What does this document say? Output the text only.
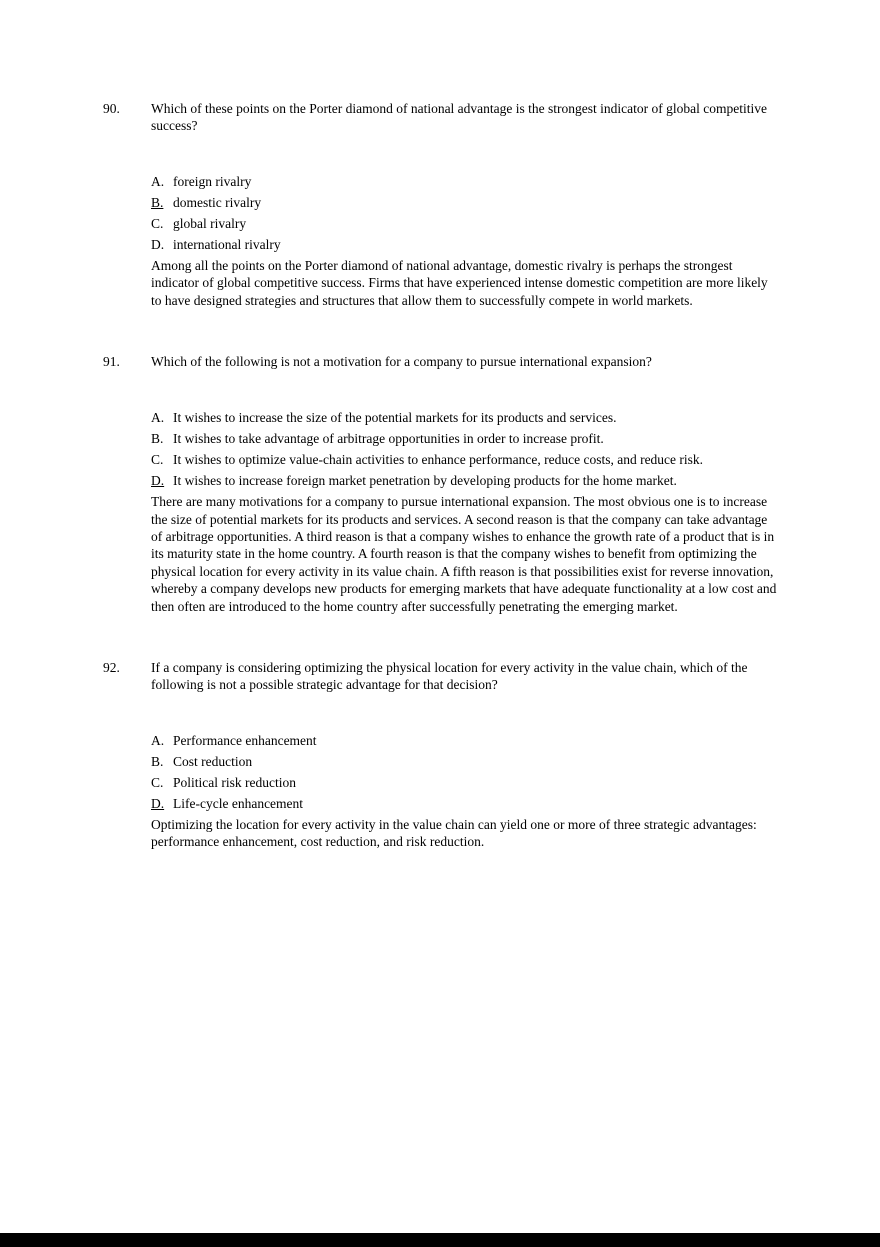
90.	Which of these points on the Porter diamond of national advantage is the strongest indicator of global competitive success?
A. foreign rivalry
B. domestic rivalry
C. global rivalry
D. international rivalry
Among all the points on the Porter diamond of national advantage, domestic rivalry is perhaps the strongest indicator of global competitive success. Firms that have experienced intense domestic competition are more likely to have designed strategies and structures that allow them to successfully compete in world markets.
91.	Which of the following is not a motivation for a company to pursue international expansion?
A. It wishes to increase the size of the potential markets for its products and services.
B. It wishes to take advantage of arbitrage opportunities in order to increase profit.
C. It wishes to optimize value-chain activities to enhance performance, reduce costs, and reduce risk.
D. It wishes to increase foreign market penetration by developing products for the home market.
There are many motivations for a company to pursue international expansion. The most obvious one is to increase the size of potential markets for its products and services. A second reason is that the company can take advantage of arbitrage opportunities. A third reason is that a company wishes to enhance the growth rate of a product that is in its maturity state in the home country. A fourth reason is that the company wishes to benefit from optimizing the physical location for every activity in its value chain. A fifth reason is that possibilities exist for reverse innovation, whereby a company develops new products for emerging markets that have adequate functionality at a low cost and then often are introduced to the home country after successfully penetrating the emerging market.
92.	If a company is considering optimizing the physical location for every activity in the value chain, which of the following is not a possible strategic advantage for that decision?
A. Performance enhancement
B. Cost reduction
C. Political risk reduction
D. Life-cycle enhancement
Optimizing the location for every activity in the value chain can yield one or more of three strategic advantages: performance enhancement, cost reduction, and risk reduction.
